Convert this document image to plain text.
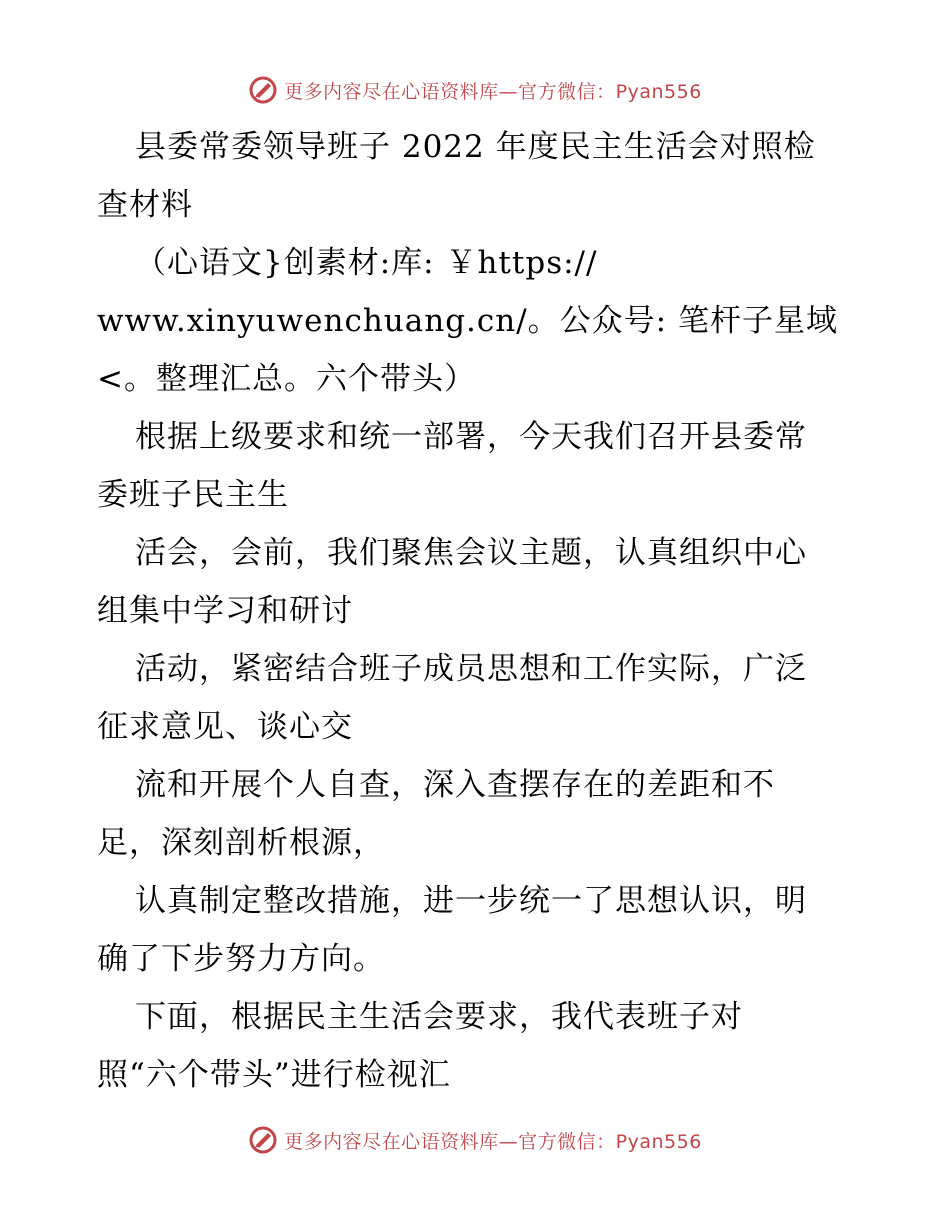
更多内容尽在心语资料库—官方微信：Pyan556
县委常委领导班子 2022 年度民主生活会对照检
查材料
（心语文}创素材:库: ￥https://
www.xinyuwenchuang.cn/。公众号: 笔杆子星域
<。整理汇总。六个带头）
根据上级要求和统一部署，今天我们召开县委常
委班子民主生
活会，会前，我们聚焦会议主题，认真组织中心
组集中学习和研讨
活动，紧密结合班子成员思想和工作实际，广泛
征求意见、谈心交
流和开展个人自查，深入查摆存在的差距和不
足，深刻剖析根源，
认真制定整改措施，进一步统一了思想认识，明
确了下步努力方向。
下面，根据民主生活会要求，我代表班子对
照“六个带头”进行检视汇
更多内容尽在心语资料库—官方微信：Pyan556
